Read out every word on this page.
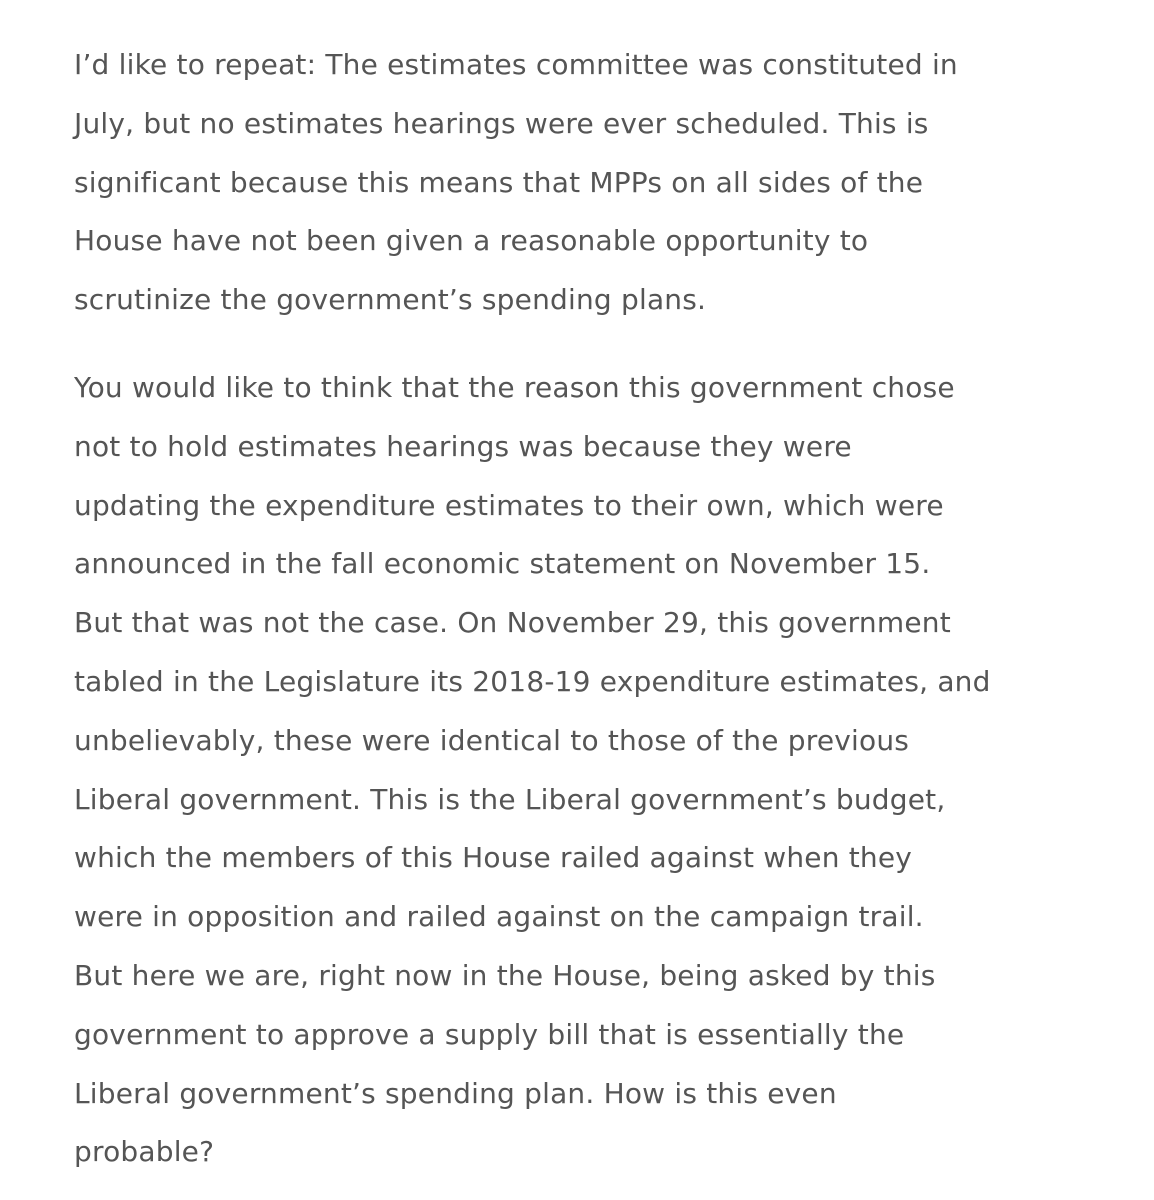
I’d like to repeat: The estimates committee was constituted in
July, but no estimates hearings were ever scheduled. This is
significant because this means that MPPs on all sides of the
House have not been given a reasonable opportunity to
scrutinize the government’s spending plans.

You would like to think that the reason this government chose
not to hold estimates hearings was because they were
updating the expenditure estimates to their own, which were
announced in the fall economic statement on November 15.
But that was not the case. On November 29, this government
tabled in the Legislature its 2018-19 expenditure estimates, and
unbelievably, these were identical to those of the previous
Liberal government. This is the Liberal government’s budget,
which the members of this House railed against when they
were in opposition and railed against on the campaign trail.
But here we are, right now in the House, being asked by this
government to approve a supply bill that is essentially the
Liberal government’s spending plan. How is this even
probable?
